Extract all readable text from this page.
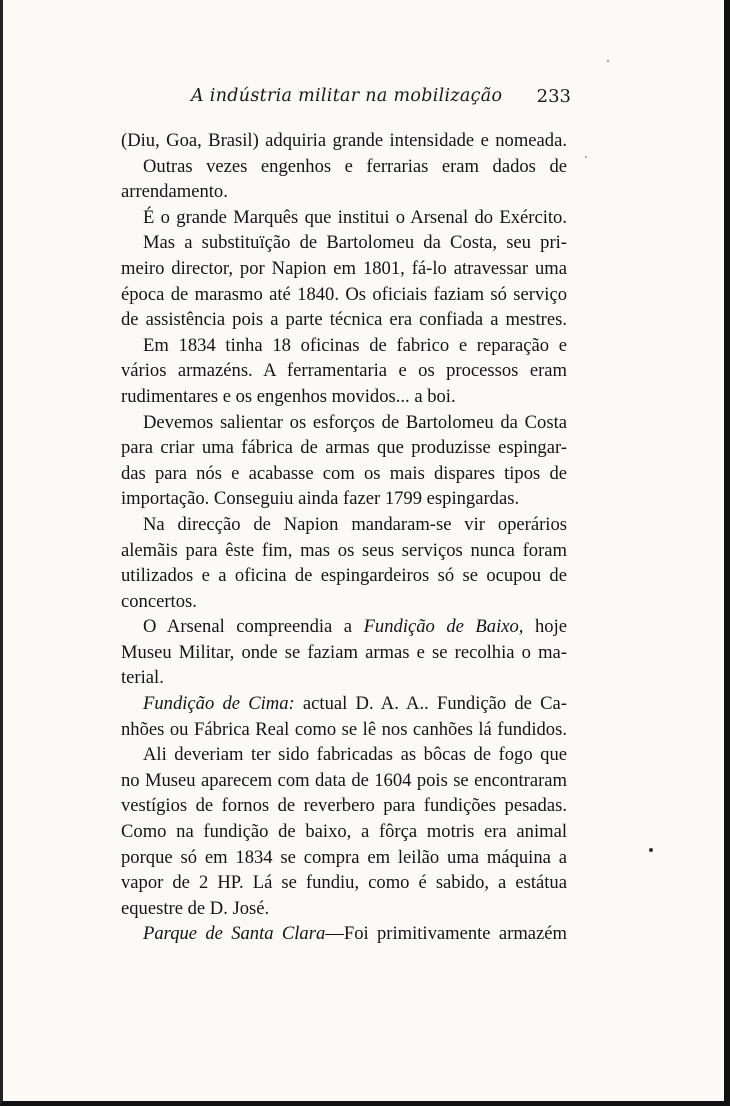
A indústria militar na mobilização 233
(Diu, Goa, Brasil) adquiria grande intensidade e nomeada.
Outras vezes engenhos e ferrarias eram dados de
arrendamento.
É o grande Marquês que institui o Arsenal do Exército.
Mas a substituïção de Bartolomeu da Costa, seu pri-
meiro director, por Napion em 1801, fá-lo atravessar uma
época de marasmo até 1840. Os oficiais faziam só serviço
de assistência pois a parte técnica era confiada a mestres.
Em 1834 tinha 18 oficinas de fabrico e reparação e
vários armazéns. A ferramentaria e os processos eram
rudimentares e os engenhos movidos... a boi.
Devemos salientar os esforços de Bartolomeu da Costa
para criar uma fábrica de armas que produzisse espingar-
das para nós e acabasse com os mais dispares tipos de
importação. Conseguiu ainda fazer 1799 espingardas.
Na direcção de Napion mandaram-se vir operários
alemãis para êste fim, mas os seus serviços nunca foram
utilizados e a oficina de espingardeiros só se ocupou de
concertos.
O Arsenal compreendia a Fundição de Baixo, hoje
Museu Militar, onde se faziam armas e se recolhia o ma-
terial.
Fundição de Cima: actual D. A. A.. Fundição de Ca-
nhões ou Fábrica Real como se lê nos canhões lá fundidos.
Ali deveriam ter sido fabricadas as bôcas de fogo que
no Museu aparecem com data de 1604 pois se encontraram
vestígios de fornos de reverbero para fundições pesadas.
Como na fundição de baixo, a fôrça motris era animal
porque só em 1834 se compra em leilão uma máquina a
vapor de 2 HP. Lá se fundiu, como é sabido, a estátua
equestre de D. José.
Parque de Santa Clara—Foi primitivamente armazém
